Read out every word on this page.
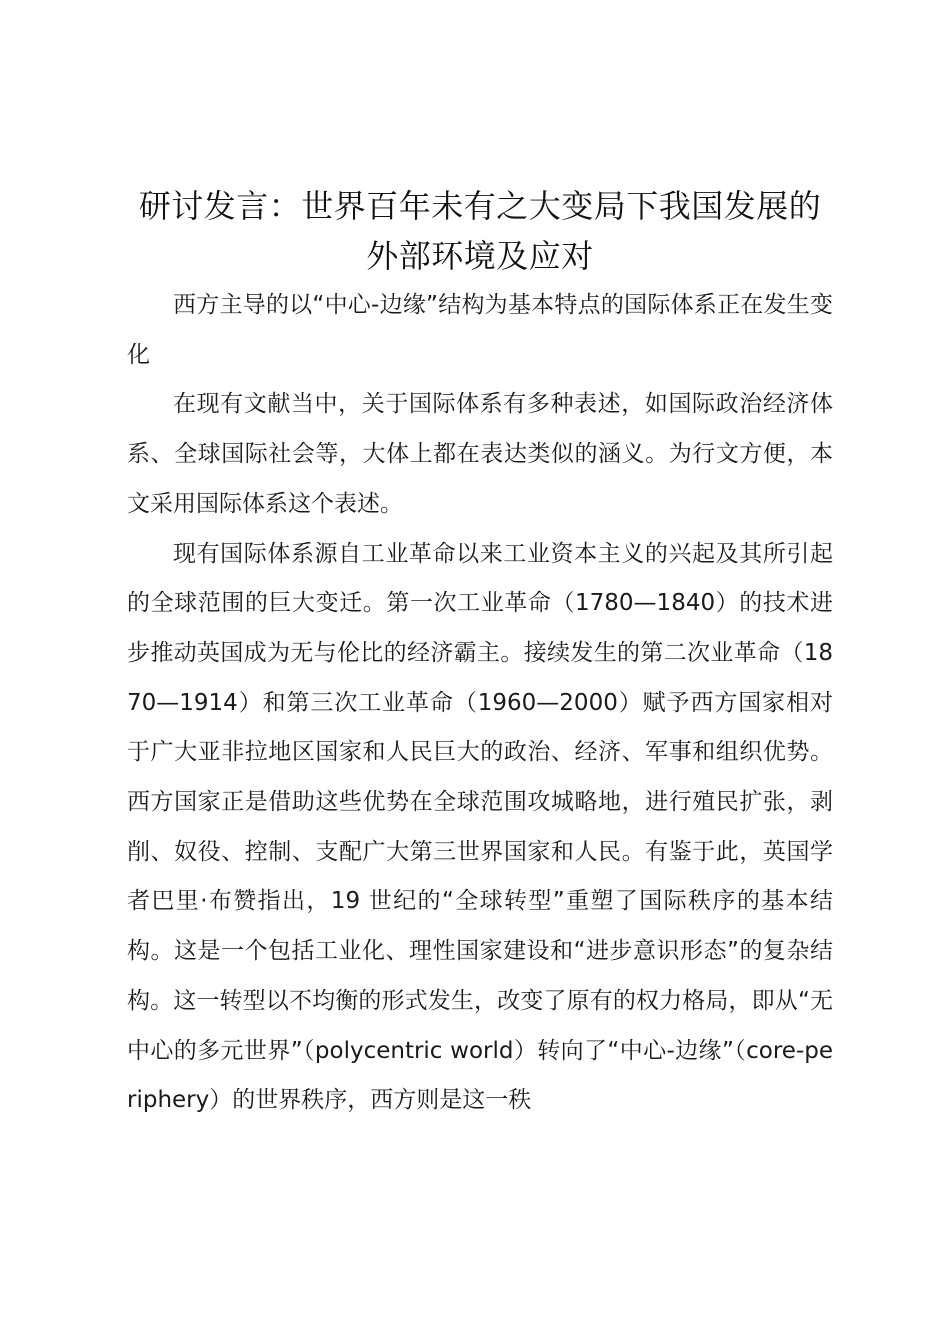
研讨发言：世界百年未有之大变局下我国发展的外部环境及应对

西方主导的以“中心-边缘”结构为基本特点的国际体系正在发生变化

在现有文献当中，关于国际体系有多种表述，如国际政治经济体系、全球国际社会等，大体上都在表达类似的涵义。为行文方便，本文采用国际体系这个表述。

现有国际体系源自工业革命以来工业资本主义的兴起及其所引起的全球范围的巨大变迁。第一次工业革命（1780—1840）的技术进步推动英国成为无与伦比的经济霸主。接续发生的第二次业革命（1870—1914）和第三次工业革命（1960—2000）赋予西方国家相对于广大亚非拉地区国家和人民巨大的政治、经济、军事和组织优势。西方国家正是借助这些优势在全球范围攻城略地，进行殖民扩张，剥削、奴役、控制、支配广大第三世界国家和人民。有鉴于此，英国学者巴里·布赞指出，19 世纪的“全球转型”重塑了国际秩序的基本结构。这是一个包括工业化、理性国家建设和“进步意识形态”的复杂结构。这一转型以不均衡的形式发生，改变了原有的权力格局，即从“无中心的多元世界”（polycentric world）转向了“中心-边缘”（core-periphery）的世界秩序，西方则是这一秩
